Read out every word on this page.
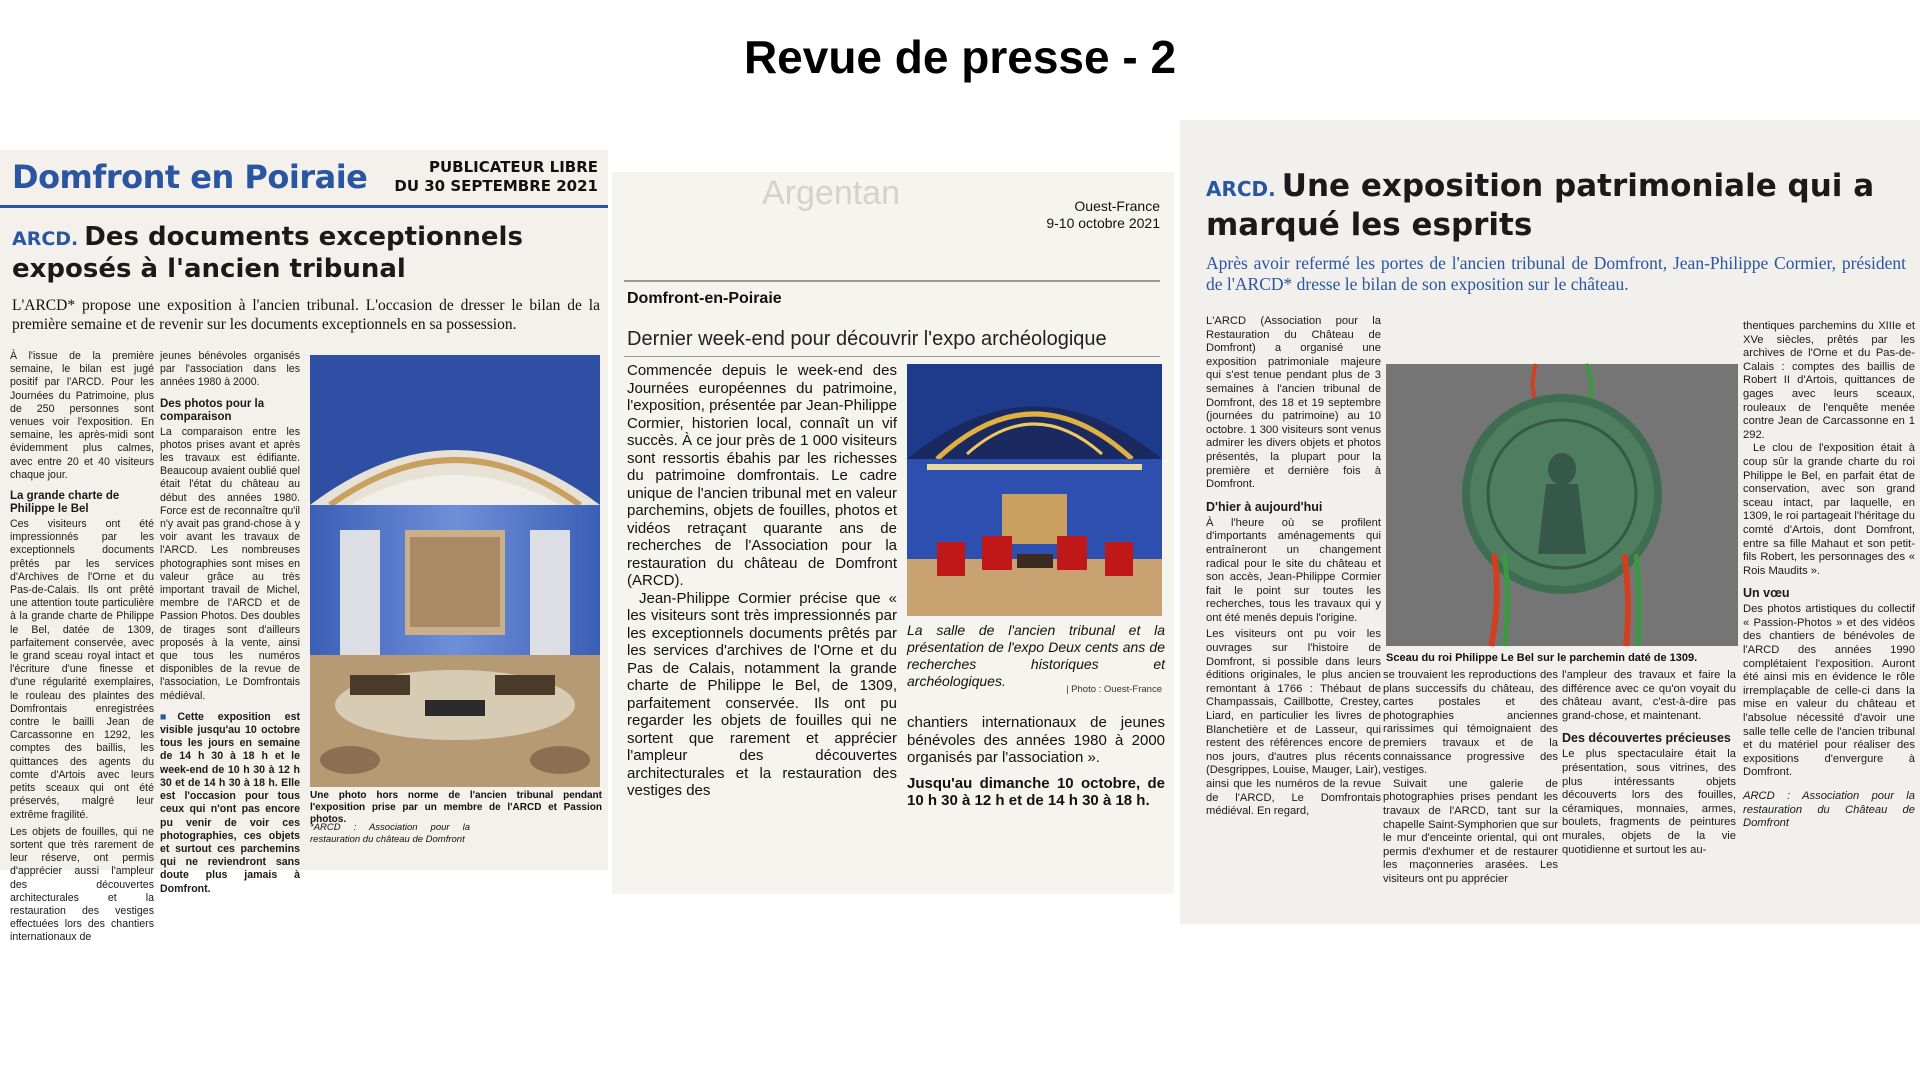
Revue de presse - 2
Domfront en Poiraie	PUBLICATEUR LIBRE
DU 30 SEPTEMBRE 2021
ARCD. Des documents exceptionnels exposés à l'ancien tribunal

L'ARCD* propose une exposition à l'ancien tribunal. L'occasion de dresser le bilan de la première semaine et de revenir sur les documents exceptionnels en sa possession.

À l'issue de la première semaine, le bilan est jugé positif par l'ARCD. Pour les Journées du Patrimoine, plus de 250 personnes sont venues voir l'exposition. En semaine, les après-midi sont évidemment plus calmes, avec entre 20 et 40 visiteurs chaque jour.

La grande charte de Philippe le Bel

Ces visiteurs ont été impressionnés par les exceptionnels documents prêtés par les services d'Archives de l'Orne et du Pas-de-Calais. Ils ont prêté une attention toute particulière à la grande charte de Philippe le Bel, datée de 1309, parfaitement conservée, avec le grand sceau royal intact et l'écriture d'une finesse et d'une régularité exemplaires, le rouleau des plaintes des Domfrontais enregistrées contre le bailli Jean de Carcassonne en 1292, les comptes des baillis, les quittances des agents du comte d'Artois avec leurs petits sceaux qui ont été préservés, malgré leur extrême fragilité.

Les objets de fouilles, qui ne sortent que très rarement de leur réserve, ont permis d'apprécier aussi l'ampleur des découvertes architecturales et la restauration des vestiges effectuées lors des chantiers internationaux de

jeunes bénévoles organisés par l'association dans les années 1980 à 2000.

Des photos pour la comparaison

La comparaison entre les photos prises avant et après les travaux est édifiante. Beaucoup avaient oublié quel était l'état du château au début des années 1980. Force est de reconnaître qu'il n'y avait pas grand-chose à y voir avant les travaux de l'ARCD. Les nombreuses photographies sont mises en valeur grâce au très important travail de Michel, membre de l'ARCD et de Passion Photos. Des doubles de tirages sont d'ailleurs proposés à la vente, ainsi que tous les numéros disponibles de la revue de l'association, Le Domfrontais médiéval.

■Cette exposition est visible jusqu'au 10 octobre tous les jours en semaine de 14 h 30 à 18 h et le week-end de 10 h 30 à 12 h 30 et de 14 h 30 à 18 h. Elle est l'occasion pour tous ceux qui n'ont pas encore pu venir de voir ces photographies, ces objets et surtout ces parchemins qui ne reviendront sans doute plus jamais à Domfront.

Une photo hors norme de l'ancien tribunal pendant l'exposition prise par un membre de l'ARCD et Passion photos.

*ARCD : Association pour la restauration du château de Domfront

Argentan	Ouest-France
9-10 octobre 2021
Domfront-en-Poiraie
Dernier week-end pour découvrir l'expo archéologique

Commencée depuis le week-end des Journées européennes du patrimoine, l'exposition, présentée par Jean-Philippe Cormier, historien local, connaît un vif succès. À ce jour près de 1 000 visiteurs sont ressortis ébahis par les richesses du patrimoine domfrontais. Le cadre unique de l'ancien tribunal met en valeur parchemins, objets de fouilles, photos et vidéos retraçant quarante ans de recherches de l'Association pour la restauration du château de Domfront (ARCD).

Jean-Philippe Cormier précise que « les visiteurs sont très impressionnés par les exceptionnels documents prêtés par les services d'archives de l'Orne et du Pas de Calais, notamment la grande charte de Philippe le Bel, de 1309, parfaitement conservée. Ils ont pu regarder les objets de fouilles qui ne sortent que rarement et apprécier l'ampleur des découvertes architecturales et la restauration des vestiges des

La salle de l'ancien tribunal et la présentation de l'expo Deux cents ans de recherches historiques et archéologiques.

| Photo : Ouest-France

chantiers internationaux de jeunes bénévoles des années 1980 à 2000 organisés par l'association ».

Jusqu'au dimanche 10 octobre, de 10 h 30 à 12 h et de 14 h 30 à 18 h.

ARCD. Une exposition patrimoniale qui a marqué les esprits

Après avoir refermé les portes de l'ancien tribunal de Domfront, Jean-Philippe Cormier, président de l'ARCD* dresse le bilan de son exposition sur le château.

L'ARCD (Association pour la Restauration du Château de Domfront) a organisé une exposition patrimoniale majeure qui s'est tenue pendant plus de 3 semaines à l'ancien tribunal de Domfront, des 18 et 19 septembre (journées du patrimoine) au 10 octobre. 1 300 visiteurs sont venus admirer les divers objets et photos présentés, la plupart pour la première et dernière fois à Domfront.

D'hier à aujourd'hui

À l'heure où se profilent d'importants aménagements qui entraîneront un changement radical pour le site du château et son accès, Jean-Philippe Cormier fait le point sur toutes les recherches, tous les travaux qui y ont été menés depuis l'origine.

Les visiteurs ont pu voir les ouvrages sur l'histoire de Domfront, si possible dans leurs éditions originales, le plus ancien remontant à 1766 : Thébaut de Champassais, Caillbotte, Crestey, Liard, en particulier les livres de Blanchetière et de Lasseur, qui restent des références encore de nos jours, d'autres plus récents (Desgrippes, Louise, Mauger, Lair), ainsi que les numéros de la revue de l'ARCD, Le Domfrontais médiéval. En regard,

Sceau du roi Philippe Le Bel sur le parchemin daté de 1309.

se trouvaient les reproductions des plans successifs du château, des cartes postales et des photographies anciennes rarissimes qui témoignaient des premiers travaux et de la connaissance progressive des vestiges.

Suivait une galerie de photographies prises pendant les travaux de l'ARCD, tant sur la chapelle Saint-Symphorien que sur le mur d'enceinte oriental, qui ont permis d'exhumer et de restaurer les maçonneries arasées. Les visiteurs ont pu apprécier

l'ampleur des travaux et faire la différence avec ce qu'on voyait du château avant, c'est-à-dire pas grand-chose, et maintenant.

Des découvertes précieuses

Le plus spectaculaire était la présentation, sous vitrines, des plus intéressants objets découverts lors des fouilles, céramiques, monnaies, armes, boulets, fragments de peintures murales, objets de la vie quotidienne et surtout les au-

thentiques parchemins du XIIIe et XVe siècles, prêtés par les archives de l'Orne et du Pas-de-Calais : comptes des baillis de Robert II d'Artois, quittances de gages avec leurs sceaux, rouleaux de l'enquête menée contre Jean de Carcassonne en 1 292.

Le clou de l'exposition était à coup sûr la grande charte du roi Philippe le Bel, en parfait état de conservation, avec son grand sceau intact, par laquelle, en 1309, le roi partageait l'héritage du comté d'Artois, dont Domfront, entre sa fille Mahaut et son petit-fils Robert, les personnages des « Rois Maudits ».

Un vœu

Des photos artistiques du collectif « Passion-Photos » et des vidéos des chantiers de bénévoles de l'ARCD des années 1990 complétaient l'exposition. Auront été ainsi mis en évidence le rôle irremplaçable de celle-ci dans la mise en valeur du château et l'absolue nécessité d'avoir une salle telle celle de l'ancien tribunal et du matériel pour réaliser des expositions d'envergure à Domfront.

ARCD : Association pour la restauration du Château de Domfront
